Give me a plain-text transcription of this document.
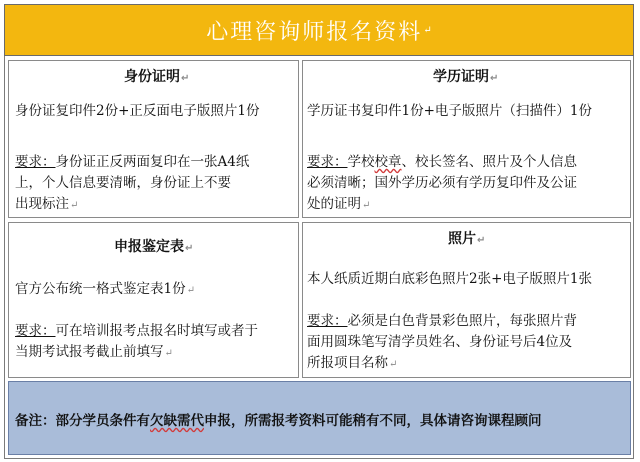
心理咨询师报名资料 ↵
身份证明↵
身份证复印件2份+正反面电子版照片1份
要求：身份证正反两面复印在一张A4纸
上，个人信息要清晰，身份证上不要
出现标注↵
学历证明↵
学历证书复印件1份+电子版照片（扫描件）1份
要求：学校校章、校长签名、照片及个人信息
必须清晰；国外学历必须有学历复印件及公证
处的证明↵
申报鉴定表↵
官方公布统一格式鉴定表1份↵
要求：可在培训报考点报名时填写或者于
当期考试报考截止前填写↵
照片↵
本人纸质近期白底彩色照片2张+电子版照片1张
要求：必须是白色背景彩色照片，每张照片背
面用圆珠笔写清学员姓名、身份证号后4位及
所报项目名称↵
备注：部分学员条件有欠缺需代申报，所需报考资料可能稍有不同，具体请咨询课程顾问
